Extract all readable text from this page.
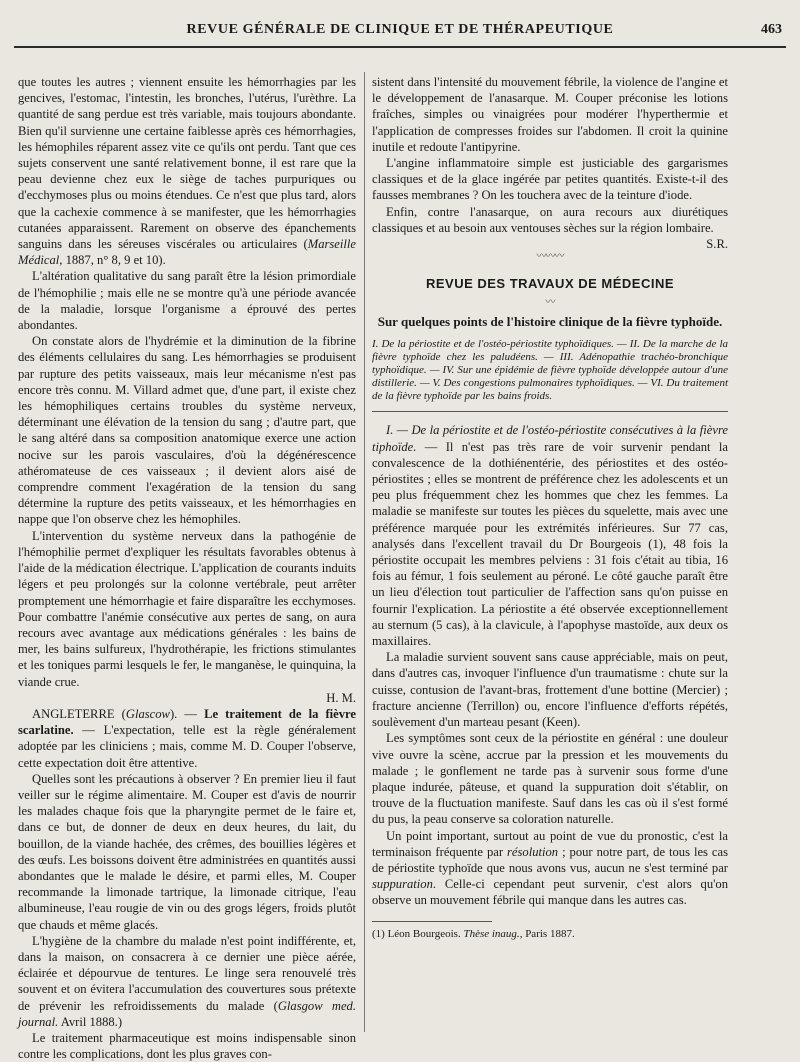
REVUE GÉNÉRALE DE CLINIQUE ET DE THÉRAPEUTIQUE	463

que toutes les autres ; viennent ensuite les hémorrhagies par les gencives, l'estomac, l'intestin, les bronches, l'utérus, l'urèthre. La quantité de sang perdue est très variable, mais toujours abondante. Bien qu'il survienne une certaine faiblesse après ces hémorrhagies, les hémophiles réparent assez vite ce qu'ils ont perdu. Tant que ces sujets conservent une santé relativement bonne, il est rare que la peau devienne chez eux le siège de taches purpuriques ou d'ecchymoses plus ou moins étendues. Ce n'est que plus tard, alors que la cachexie commence à se manifester, que les hémorrhagies cutanées apparaissent. Rarement on observe des épanchements sanguins dans les séreuses viscérales ou articulaires (Marseille Médical, 1887, n° 8, 9 et 10).

L'altération qualitative du sang paraît être la lésion primordiale de l'hémophilie ; mais elle ne se montre qu'à une période avancée de la maladie, lorsque l'organisme a éprouvé des pertes abondantes.

On constate alors de l'hydrémie et la diminution de la fibrine des éléments cellulaires du sang. Les hémorrhagies se produisent par rupture des petits vaisseaux, mais leur mécanisme n'est pas encore très connu. M. Villard admet que, d'une part, il existe chez les hémophiliques certains troubles du système nerveux, déterminant une élévation de la tension du sang ; d'autre part, que le sang altéré dans sa composition anatomique exerce une action nocive sur les parois vasculaires, d'où la dégénérescence athéromateuse de ces vaisseaux ; il devient alors aisé de comprendre comment l'exagération de la tension du sang détermine la rupture des petits vaisseaux, et les hémorrhagies en nappe que l'on observe chez les hémophiles.

L'intervention du système nerveux dans la pathogénie de l'hémophilie permet d'expliquer les résultats favorables obtenus à l'aide de la médication électrique. L'application de courants induits légers et peu prolongés sur la colonne vertébrale, peut arrêter promptement une hémorrhagie et faire disparaître les ecchymoses. Pour combattre l'anémie consécutive aux pertes de sang, on aura recours avec avantage aux médications générales : les bains de mer, les bains sulfureux, l'hydrothérapie, les frictions stimulantes et les toniques parmi lesquels le fer, le manganèse, le quinquina, la viande crue.
H. M.

ANGLETERRE (Glascow). — Le traitement de la fièvre scarlatine. — L'expectation, telle est la règle généralement adoptée par les cliniciens ; mais, comme M. D. Couper l'observe, cette expectation doit être attentive.

Quelles sont les précautions à observer ? En premier lieu il faut veiller sur le régime alimentaire. M. Couper est d'avis de nourrir les malades chaque fois que la pharyngite permet de le faire et, dans ce but, de donner de deux en deux heures, du lait, du bouillon, de la viande hachée, des crêmes, des bouillies légères et des œufs. Les boissons doivent être administrées en quantités aussi abondantes que le malade le désire, et parmi elles, M. Couper recommande la limonade tartrique, la limonade citrique, l'eau albumineuse, l'eau rougie de vin ou des grogs légers, froids plutôt que chauds et même glacés.

L'hygiène de la chambre du malade n'est point indifférente, et, dans la maison, on consacrera à ce dernier une pièce aérée, éclairée et dépourvue de tentures. Le linge sera renouvelé très souvent et on évitera l'accumulation des couvertures sous prétexte de prévenir les refroidissements du malade (Glasgow med. journal. Avril 1888.)

Le traitement pharmaceutique est moins indispensable sinon contre les complications, dont les plus graves con-

sistent dans l'intensité du mouvement fébrile, la violence de l'angine et le développement de l'anasarque. M. Couper préconise les lotions fraîches, simples ou vinaigrées pour modérer l'hyperthermie et l'application de compresses froides sur l'abdomen. Il croit la quinine inutile et redoute l'antipyrine.

L'angine inflammatoire simple est justiciable des gargarismes classiques et de la glace ingérée par petites quantités. Existe-t-il des fausses membranes ? On les touchera avec de la teinture d'iode.

Enfin, contre l'anasarque, on aura recours aux diurétiques classiques et au besoin aux ventouses sèches sur la région lombaire.
S.R.

〰〰〰
REVUE DES TRAVAUX DE MÉDECINE
〰
Sur quelques points de l'histoire clinique de la fièvre typhoïde.
I. De la périostite et de l'ostéo-périostite typhoïdiques. — II. De la marche de la fièvre typhoïde chez les paludéens. — III. Adénopathie trachéo-bronchique typhoïdique. — IV. Sur une épidémie de fièvre typhoïde développée autour d'une distillerie. — V. Des congestions pulmonaires typhoïdiques. — VI. Du traitement de la fièvre typhoïde par les bains froids.

I. — De la périostite et de l'ostéo-périostite consécutives à la fièvre tiphoïde. — Il n'est pas très rare de voir survenir pendant la convalescence de la dothiénentérie, des périostites et des ostéo-périostites ; elles se montrent de préférence chez les adolescents et un peu plus fréquemment chez les hommes que chez les femmes. La maladie se manifeste sur toutes les pièces du squelette, mais avec une préférence marquée pour les extrémités inférieures. Sur 77 cas, analysés dans l'excellent travail du Dr Bourgeois (1), 48 fois la périostite occupait les membres pelviens : 31 fois c'était au tibia, 16 fois au fémur, 1 fois seulement au péroné. Le côté gauche paraît être un lieu d'élection tout particulier de l'affection sans qu'on puisse en fournir l'explication. La périostite a été observée exceptionnellement au sternum (5 cas), à la clavicule, à l'apophyse mastoïde, aux deux os maxillaires.

La maladie survient souvent sans cause appréciable, mais on peut, dans d'autres cas, invoquer l'influence d'un traumatisme : chute sur la cuisse, contusion de l'avant-bras, frottement d'une bottine (Mercier) ; fracture ancienne (Terrillon) ou, encore l'influence d'efforts répétés, soulèvement d'un marteau pesant (Keen).

Les symptômes sont ceux de la périostite en général : une douleur vive ouvre la scène, accrue par la pression et les mouvements du malade ; le gonflement ne tarde pas à survenir sous forme d'une plaque indurée, pâteuse, et quand la suppuration doit s'établir, on trouve de la fluctuation manifeste. Sauf dans les cas où il s'est formé du pus, la peau conserve sa coloration naturelle.

Un point important, surtout au point de vue du pronostic, c'est la terminaison fréquente par résolution ; pour notre part, de tous les cas de périostite typhoïde que nous avons vus, aucun ne s'est terminé par suppuration. Celle-ci cependant peut survenir, c'est alors qu'on observe un mouvement fébrile qui manque dans les autres cas.

(1) Léon Bourgeois. Thèse inaug., Paris 1887.
